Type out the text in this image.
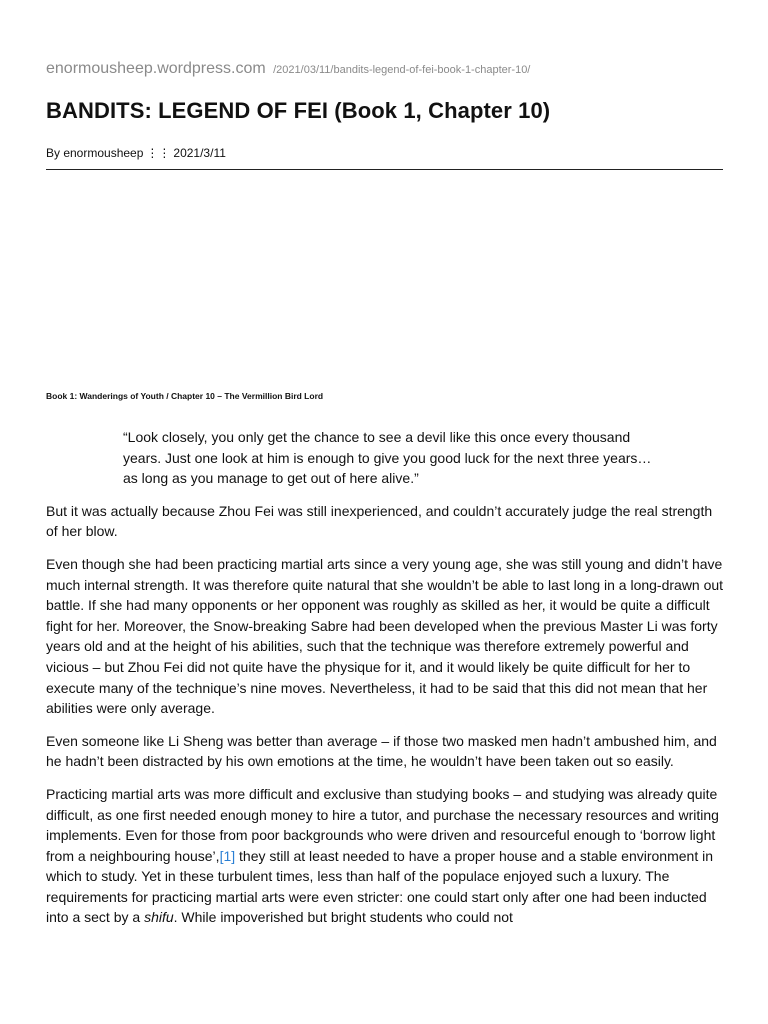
enormousheep.wordpress.com /2021/03/11/bandits-legend-of-fei-book-1-chapter-10/
BANDITS: LEGEND OF FEI (Book 1, Chapter 10)
By enormousheep ⋮⋮ 2021/3/11
Book 1: Wanderings of Youth / Chapter 10 – The Vermillion Bird Lord

“Look closely, you only get the chance to see a devil like this once every thousand years. Just one look at him is enough to give you good luck for the next three years…as long as you manage to get out of here alive.”

But it was actually because Zhou Fei was still inexperienced, and couldn’t accurately judge the real strength of her blow.

Even though she had been practicing martial arts since a very young age, she was still young and didn’t have much internal strength. It was therefore quite natural that she wouldn’t be able to last long in a long-drawn out battle. If she had many opponents or her opponent was roughly as skilled as her, it would be quite a difficult fight for her. Moreover, the Snow-breaking Sabre had been developed when the previous Master Li was forty years old and at the height of his abilities, such that the technique was therefore extremely powerful and vicious – but Zhou Fei did not quite have the physique for it, and it would likely be quite difficult for her to execute many of the technique’s nine moves. Nevertheless, it had to be said that this did not mean that her abilities were only average.

Even someone like Li Sheng was better than average – if those two masked men hadn’t ambushed him, and he hadn’t been distracted by his own emotions at the time, he wouldn’t have been taken out so easily.

Practicing martial arts was more difficult and exclusive than studying books – and studying was already quite difficult, as one first needed enough money to hire a tutor, and purchase the necessary resources and writing implements. Even for those from poor backgrounds who were driven and resourceful enough to ‘borrow light from a neighbouring house’,[1] they still at least needed to have a proper house and a stable environment in which to study. Yet in these turbulent times, less than half of the populace enjoyed such a luxury. The requirements for practicing martial arts were even stricter: one could start only after one had been inducted into a sect by a shifu. While impoverished but bright students who could not
